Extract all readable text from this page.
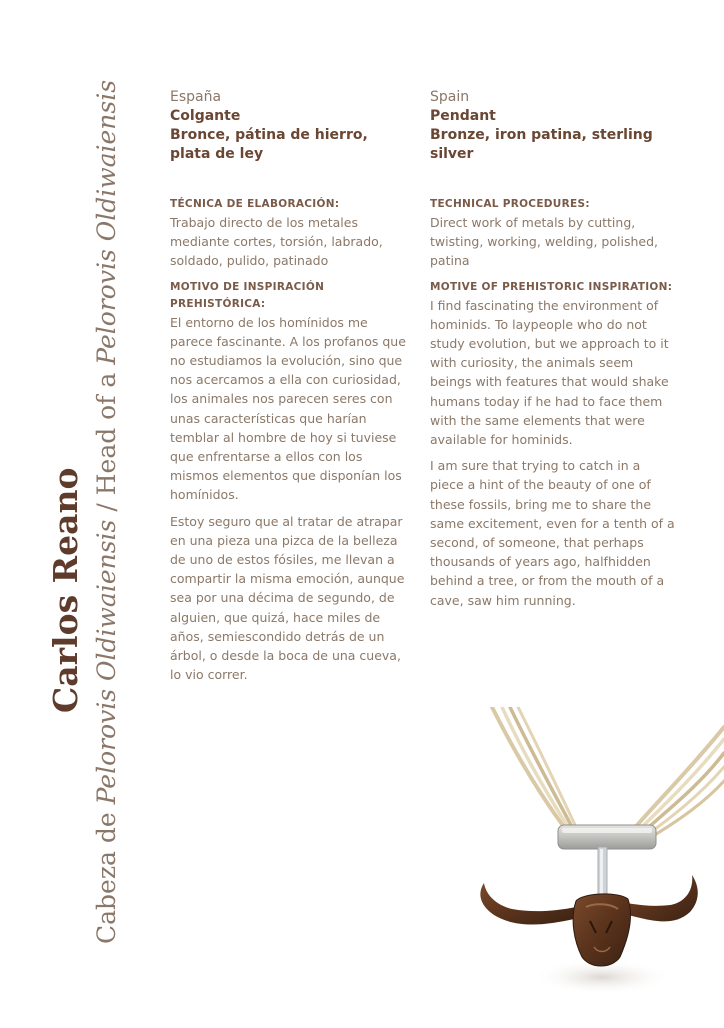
Carlos Reano
Cabeza de Pelorovis Oldiwaiensis / Head of a Pelorovis Oldiwaiensis	España
Colgante
Bronce, pátina de hierro, plata de ley
TÉCNICA DE ELABORACIÓN:
Trabajo directo de los metales mediante cortes, torsión, labrado, soldado, pulido, patinado
MOTIVO DE INSPIRACIÓN PREHISTÓRICA:
El entorno de los homínidos me parece fascinante. A los profanos que no estudiamos la evolución, sino que nos acercamos a ella con curiosidad, los animales nos parecen seres con unas características que harían temblar al hombre de hoy si tuviese que enfrentarse a ellos con los mismos elementos que disponían los homínidos.
Estoy seguro que al tratar de atrapar en una pieza una pizca de la belleza de uno de estos fósiles, me llevan a compartir la misma emoción, aunque sea por una décima de segundo, de alguien, que quizá, hace miles de años, semiescondido detrás de un árbol, o desde la boca de una cueva, lo vio correr.
Spain
Pendant
Bronze, iron patina, sterling silver
TECHNICAL PROCEDURES:
Direct work of metals by cutting, twisting, working, welding, polished, patina
MOTIVE OF PREHISTORIC INSPIRATION:
I find fascinating the environment of hominids. To laypeople who do not study evolution, but we approach to it with curiosity, the animals seem beings with features that would shake humans today if he had to face them with the same elements that were available for hominids.
I am sure that trying to catch in a piece a hint of the beauty of one of these fossils, bring me to share the same excitement, even for a tenth of a second, of someone, that perhaps thousands of years ago, halfhidden behind a tree, or from the mouth of a cave, saw him running.
